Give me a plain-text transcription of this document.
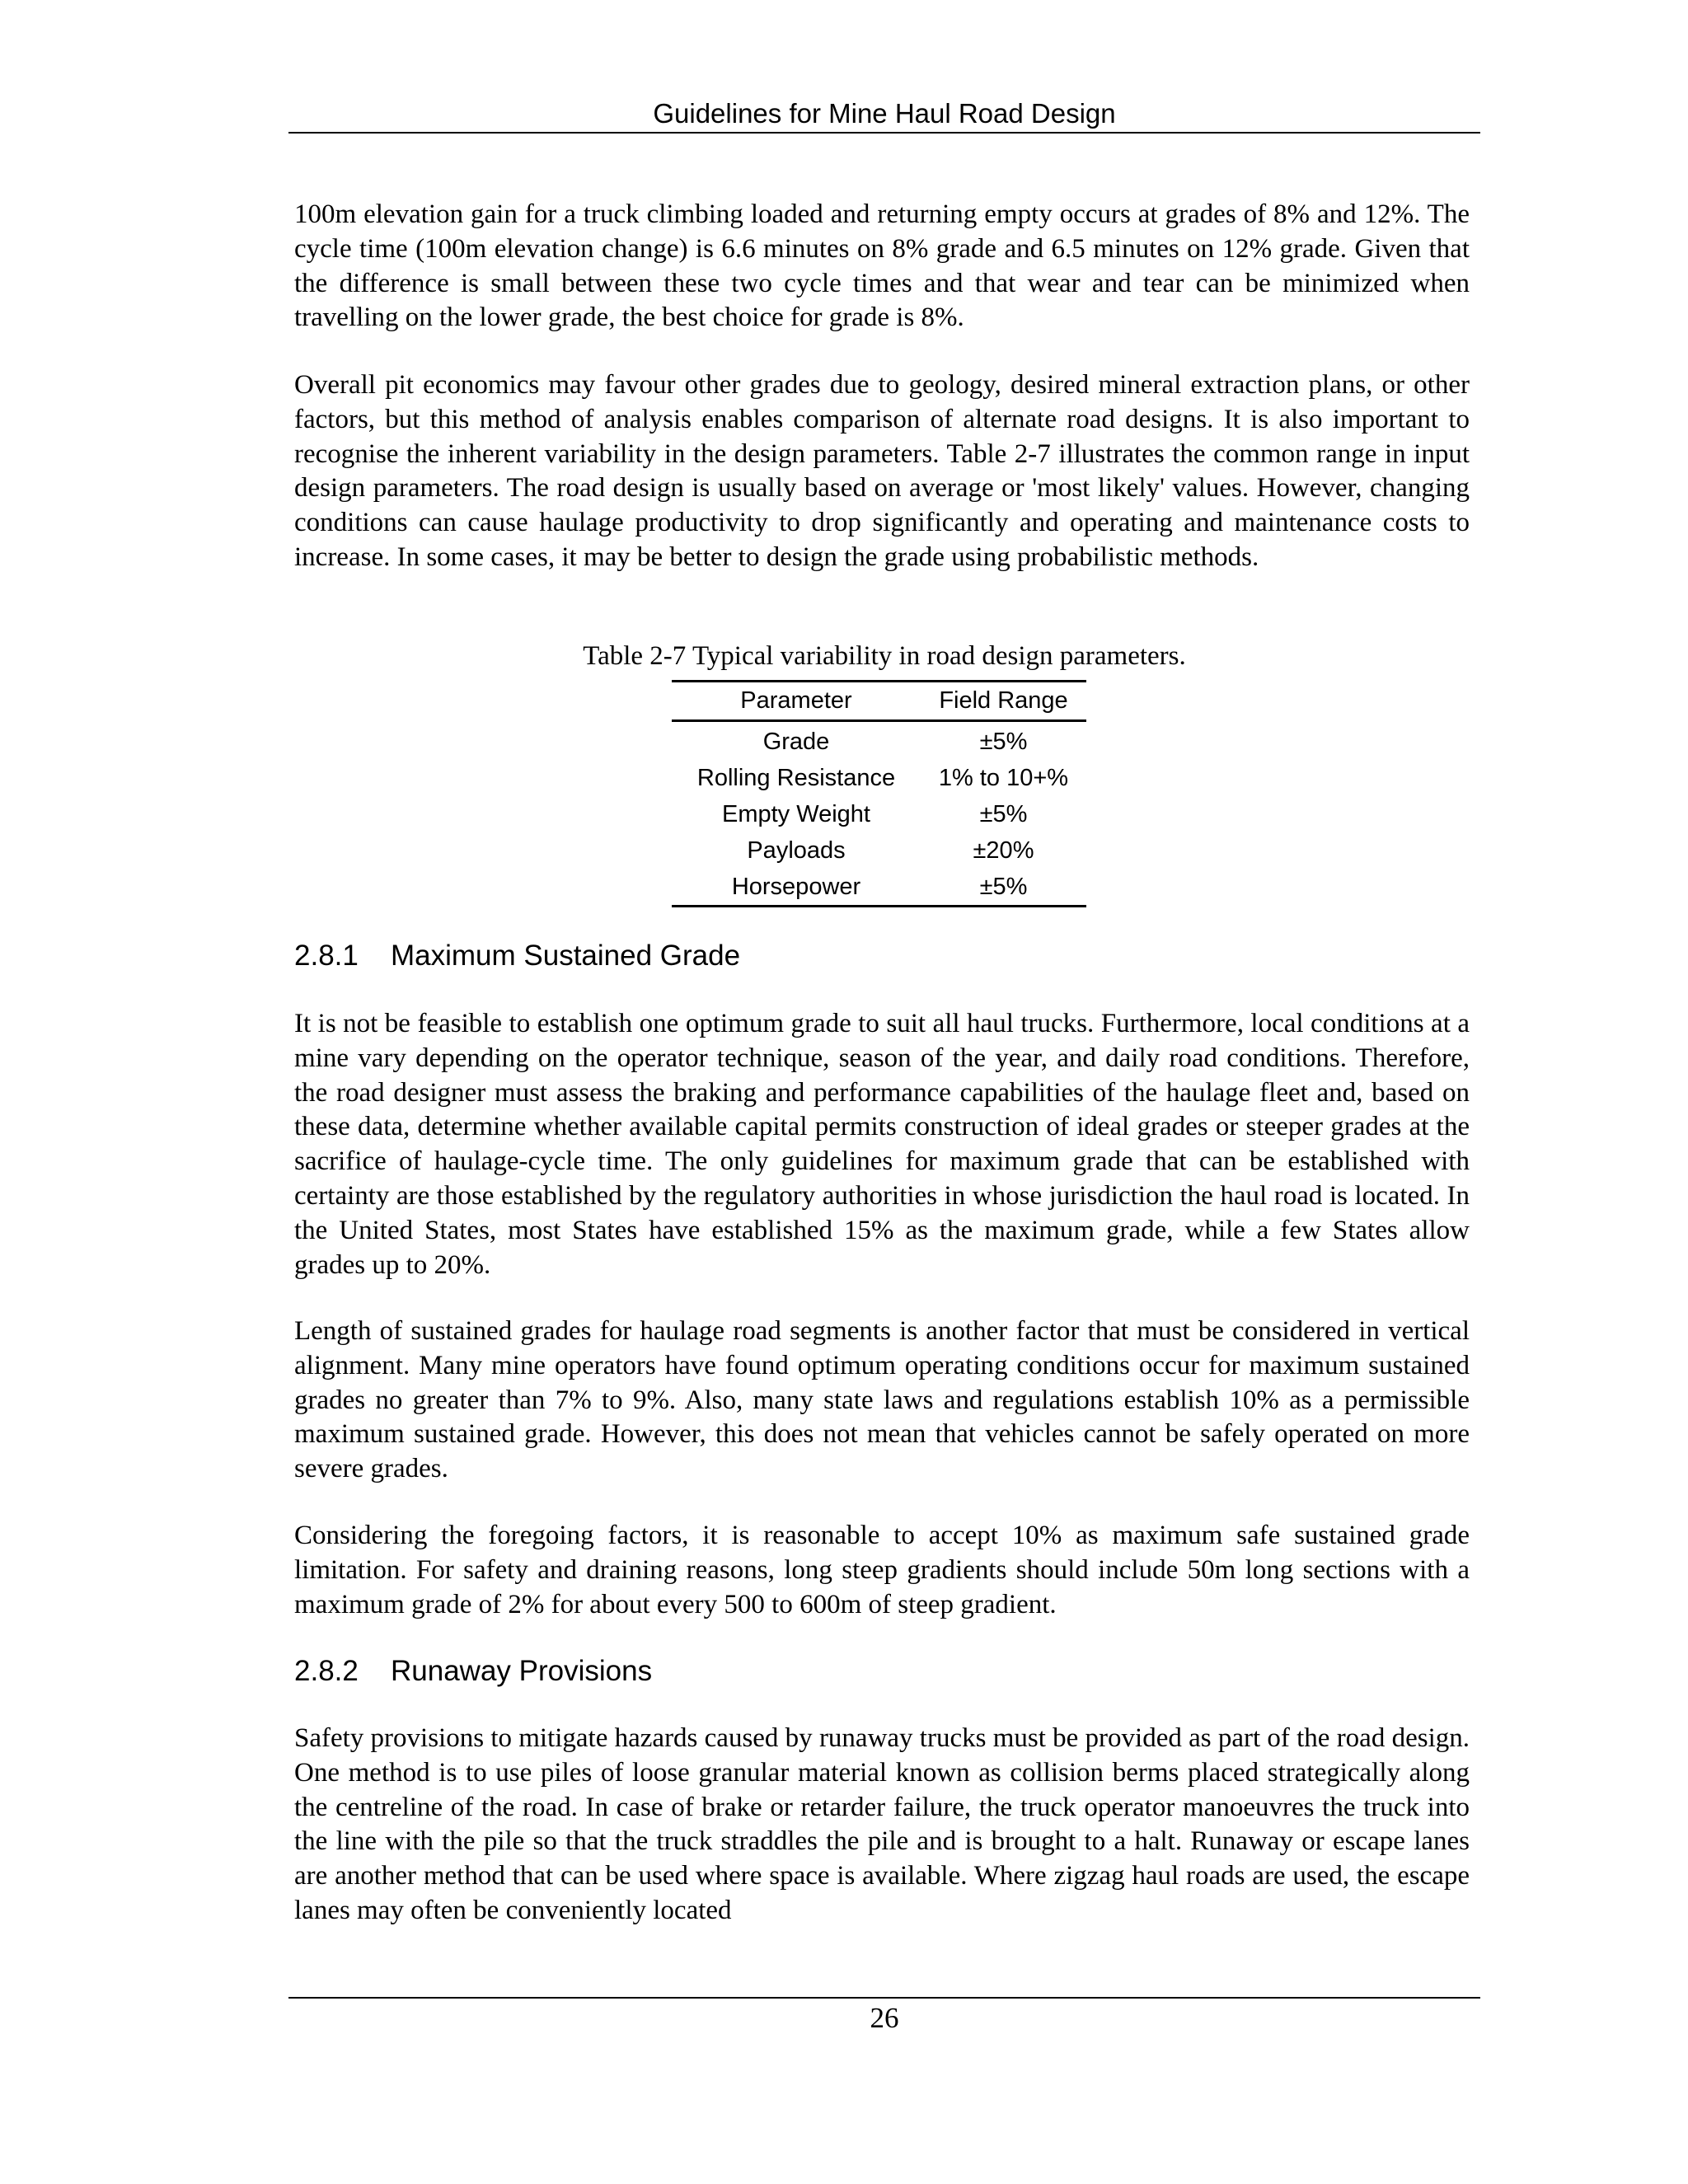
Guidelines for Mine Haul Road Design

100m elevation gain for a truck climbing loaded and returning empty occurs at grades of 8% and 12%. The cycle time (100m elevation change) is 6.6 minutes on 8% grade and 6.5 minutes on 12% grade. Given that the difference is small between these two cycle times and that wear and tear can be minimized when travelling on the lower grade, the best choice for grade is 8%.

Overall pit economics may favour other grades due to geology, desired mineral extraction plans, or other factors, but this method of analysis enables comparison of alternate road designs. It is also important to recognise the inherent variability in the design parameters. Table 2-7 illustrates the common range in input design parameters. The road design is usually based on average or 'most likely' values. However, changing conditions can cause haulage productivity to drop significantly and operating and maintenance costs to increase. In some cases, it may be better to design the grade using probabilistic methods.

Table 2-7 Typical variability in road design parameters.
Parameter	Field Range
Grade	±5%
Rolling Resistance	1% to 10+%
Empty Weight	±5%
Payloads	±20%
Horsepower	±5%
2.8.1 Maximum Sustained Grade

It is not be feasible to establish one optimum grade to suit all haul trucks. Furthermore, local conditions at a mine vary depending on the operator technique, season of the year, and daily road conditions. Therefore, the road designer must assess the braking and performance capabilities of the haulage fleet and, based on these data, determine whether available capital permits construction of ideal grades or steeper grades at the sacrifice of haulage-cycle time. The only guidelines for maximum grade that can be established with certainty are those established by the regulatory authorities in whose jurisdiction the haul road is located. In the United States, most States have established 15% as the maximum grade, while a few States allow grades up to 20%.

Length of sustained grades for haulage road segments is another factor that must be considered in vertical alignment. Many mine operators have found optimum operating conditions occur for maximum sustained grades no greater than 7% to 9%. Also, many state laws and regulations establish 10% as a permissible maximum sustained grade. However, this does not mean that vehicles cannot be safely operated on more severe grades.

Considering the foregoing factors, it is reasonable to accept 10% as maximum safe sustained grade limitation. For safety and draining reasons, long steep gradients should include 50m long sections with a maximum grade of 2% for about every 500 to 600m of steep gradient.

2.8.2 Runaway Provisions

Safety provisions to mitigate hazards caused by runaway trucks must be provided as part of the road design. One method is to use piles of loose granular material known as collision berms placed strategically along the centreline of the road. In case of brake or retarder failure, the truck operator manoeuvres the truck into the line with the pile so that the truck straddles the pile and is brought to a halt. Runaway or escape lanes are another method that can be used where space is available. Where zigzag haul roads are used, the escape lanes may often be conveniently located

26
